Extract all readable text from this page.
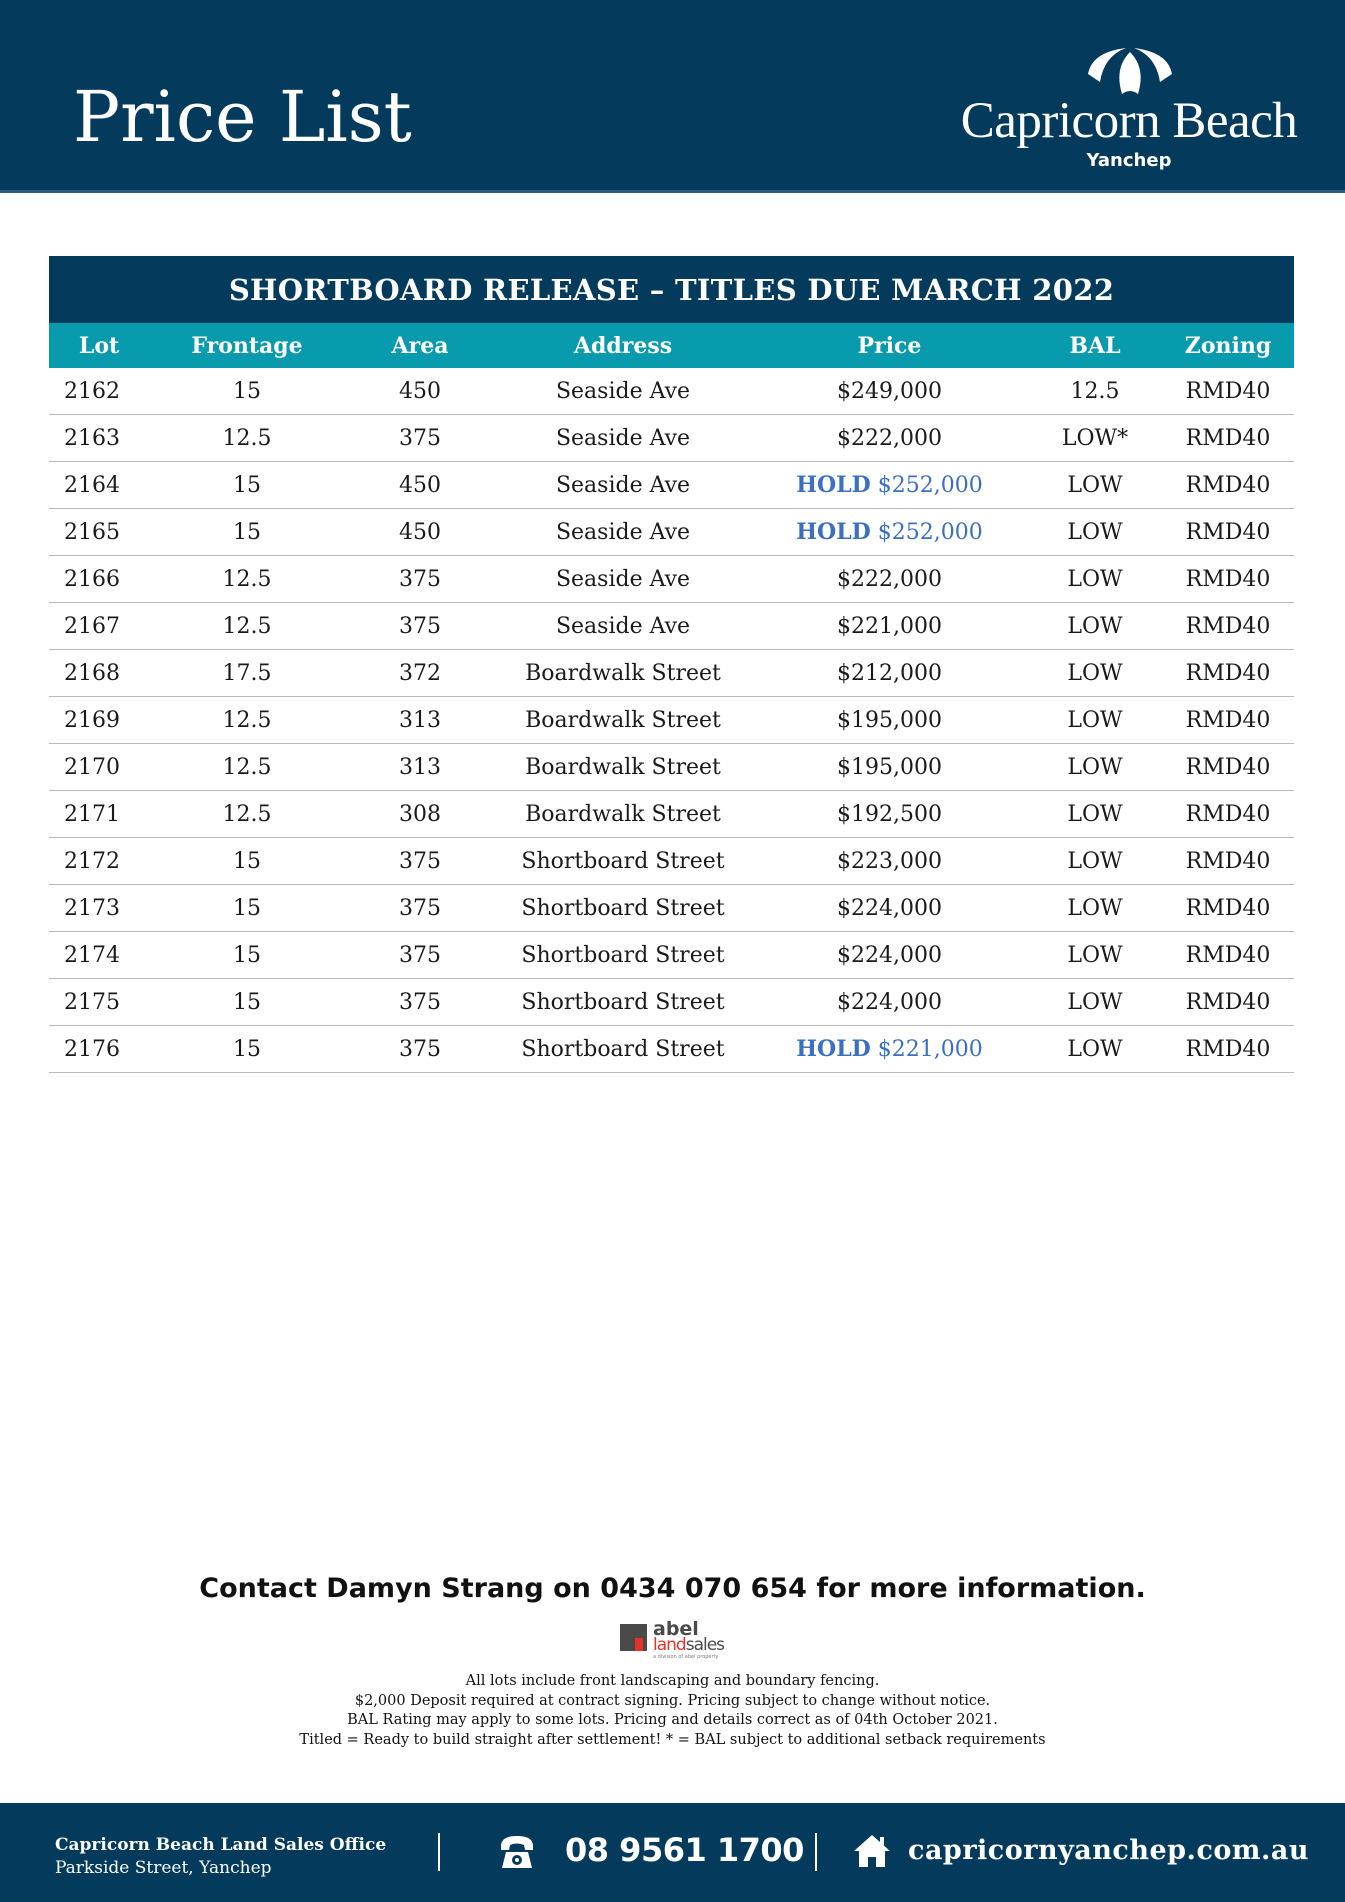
Price List	Capricorn Beach
Yanchep
SHORTBOARD RELEASE – TITLES DUE MARCH 2022
Lot	Frontage	Area	Address	Price	BAL	Zoning
2162	15	450	Seaside Ave	$249,000	12.5	RMD40
2163	12.5	375	Seaside Ave	$222,000	LOW*	RMD40
2164	15	450	Seaside Ave	HOLD $252,000	LOW	RMD40
2165	15	450	Seaside Ave	HOLD $252,000	LOW	RMD40
2166	12.5	375	Seaside Ave	$222,000	LOW	RMD40
2167	12.5	375	Seaside Ave	$221,000	LOW	RMD40
2168	17.5	372	Boardwalk Street	$212,000	LOW	RMD40
2169	12.5	313	Boardwalk Street	$195,000	LOW	RMD40
2170	12.5	313	Boardwalk Street	$195,000	LOW	RMD40
2171	12.5	308	Boardwalk Street	$192,500	LOW	RMD40
2172	15	375	Shortboard Street	$223,000	LOW	RMD40
2173	15	375	Shortboard Street	$224,000	LOW	RMD40
2174	15	375	Shortboard Street	$224,000	LOW	RMD40
2175	15	375	Shortboard Street	$224,000	LOW	RMD40
2176	15	375	Shortboard Street	HOLD $221,000	LOW	RMD40
Contact Damyn Strang on 0434 070 654 for more information.
abel
landsales
a division of abel property
All lots include front landscaping and boundary fencing.
$2,000 Deposit required at contract signing. Pricing subject to change without notice.
BAL Rating may apply to some lots. Pricing and details correct as of 04th October 2021.
Titled = Ready to build straight after settlement! * = BAL subject to additional setback requirements
Capricorn Beach Land Sales Office
Parkside Street, Yanchep	08 9561 1700	capricornyanchep.com.au
